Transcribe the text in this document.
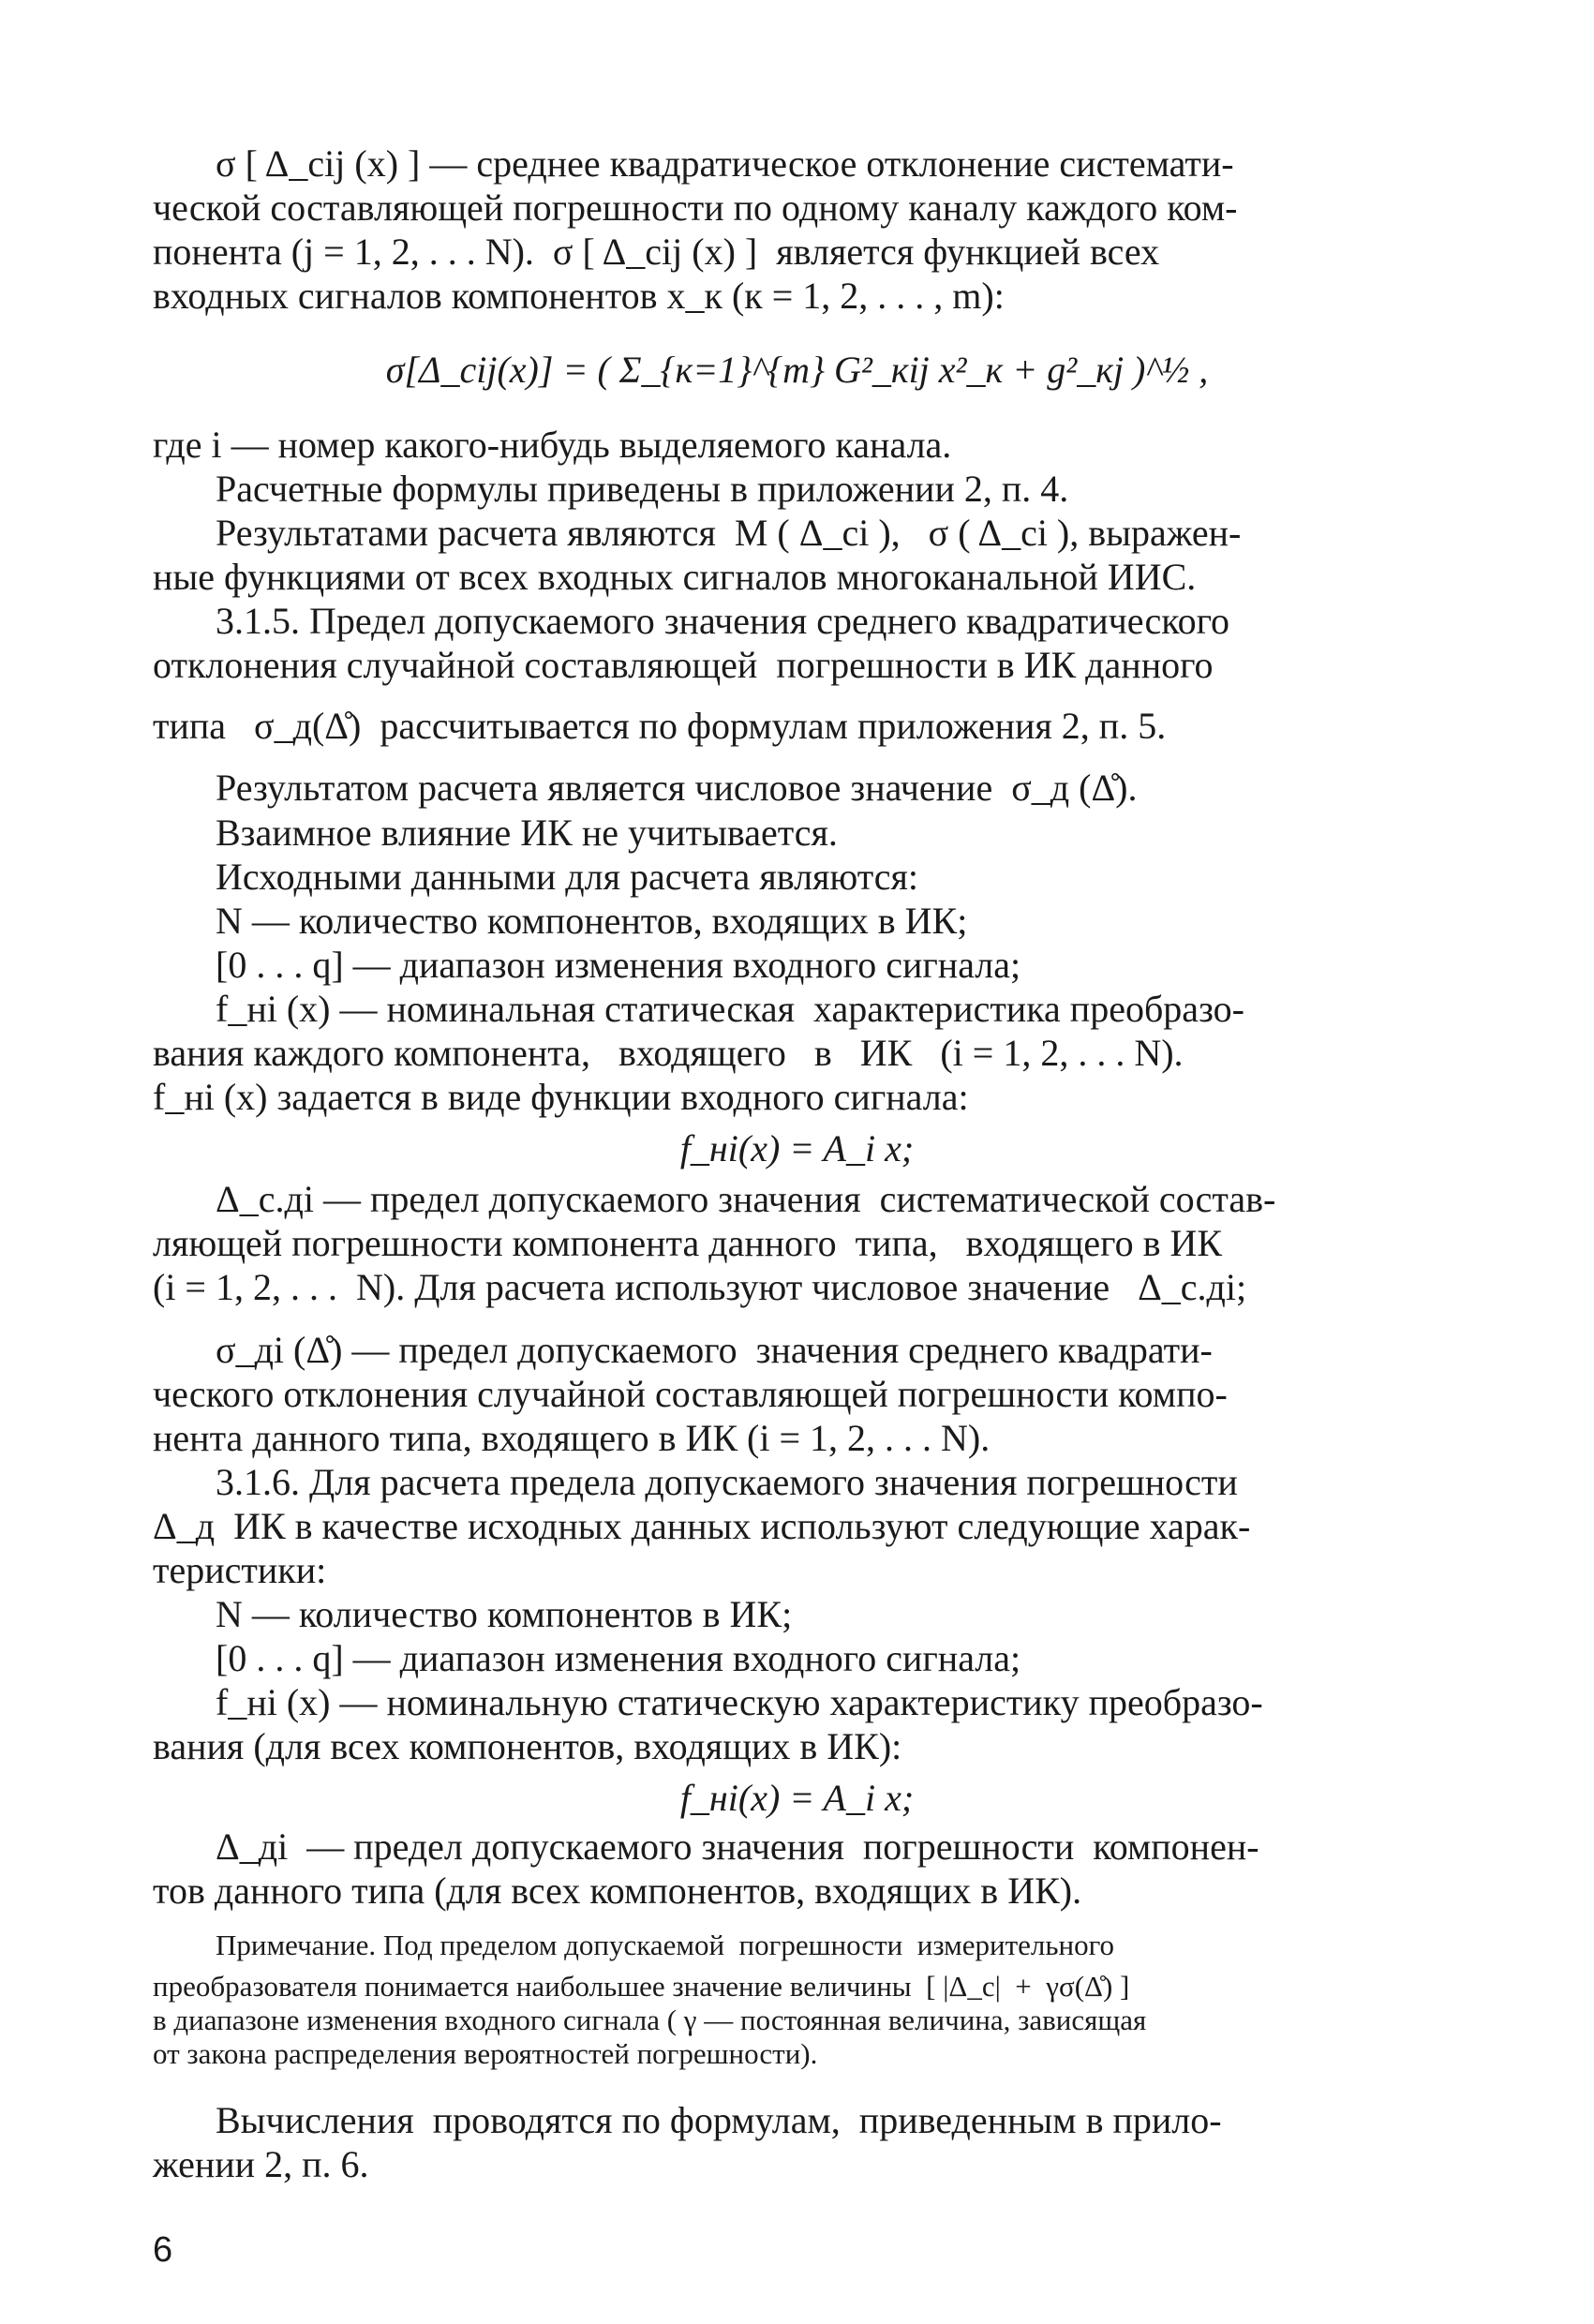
σ [ Δ_cij (x) ] — среднее квадратическое отклонение системати-
ческой составляющей погрешности по одному каналу каждого ком-
понента (j = 1, 2, . . . N).  σ [ Δ_cij (x) ]  является функцией всех
входных сигналов компонентов x_к (к = 1, 2, . . . , m):
σ[Δ_cij(x)] = ( Σ_{к=1}^{m} G²_кij x²_к + g²_кj )^½ ,
где i — номер какого-нибудь выделяемого канала.
Расчетные формулы приведены в приложении 2, п. 4.
Результатами расчета являются  M ( Δ_ci ),   σ ( Δ_ci ), выражен-
ные функциями от всех входных сигналов многоканальной ИИС.
3.1.5. Предел допускаемого значения среднего квадратического
отклонения случайной составляющей  погрешности в ИК данного
типа   σ_д(Δ̊)  рассчитывается по формулам приложения 2, п. 5.
Результатом расчета является числовое значение  σ_д (Δ̊).
Взаимное влияние ИК не учитывается.
Исходными данными для расчета являются:
N — количество компонентов, входящих в ИК;
[0 . . . q] — диапазон изменения входного сигнала;
f_нi (x) — номинальная статическая  характеристика преобразо-
вания каждого компонента,   входящего   в   ИК   (i = 1, 2, . . . N).
f_нi (x) задается в виде функции входного сигнала:
f_нi(x) = A_i x;
Δ_с.дi — предел допускаемого значения  систематической состав-
ляющей погрешности компонента данного  типа,   входящего в ИК
(i = 1, 2, . . .  N). Для расчета используют числовое значение   Δ_с.дi;
σ_дi (Δ̊) — предел допускаемого  значения среднего квадрати-
ческого отклонения случайной составляющей погрешности компо-
нента данного типа, входящего в ИК (i = 1, 2, . . . N).
3.1.6. Для расчета предела допускаемого значения погрешности
Δ_д  ИК в качестве исходных данных используют следующие харак-
теристики:
N — количество компонентов в ИК;
[0 . . . q] — диапазон изменения входного сигнала;
f_нi (x) — номинальную статическую характеристику преобразо-
вания (для всех компонентов, входящих в ИК):
f_нi(x) = A_i x;
Δ_дi  — предел допускаемого значения  погрешности  компонен-
тов данного типа (для всех компонентов, входящих в ИК).
Примечание. Под пределом допускаемой  погрешности  измерительного
преобразователя понимается наибольшее значение величины  [ |Δ_с|  +  γσ(Δ̊) ]
в диапазоне изменения входного сигнала ( γ — постоянная величина, зависящая
от закона распределения вероятностей погрешности).
Вычисления  проводятся по формулам,  приведенным в прило-
жении 2, п. 6.
6
